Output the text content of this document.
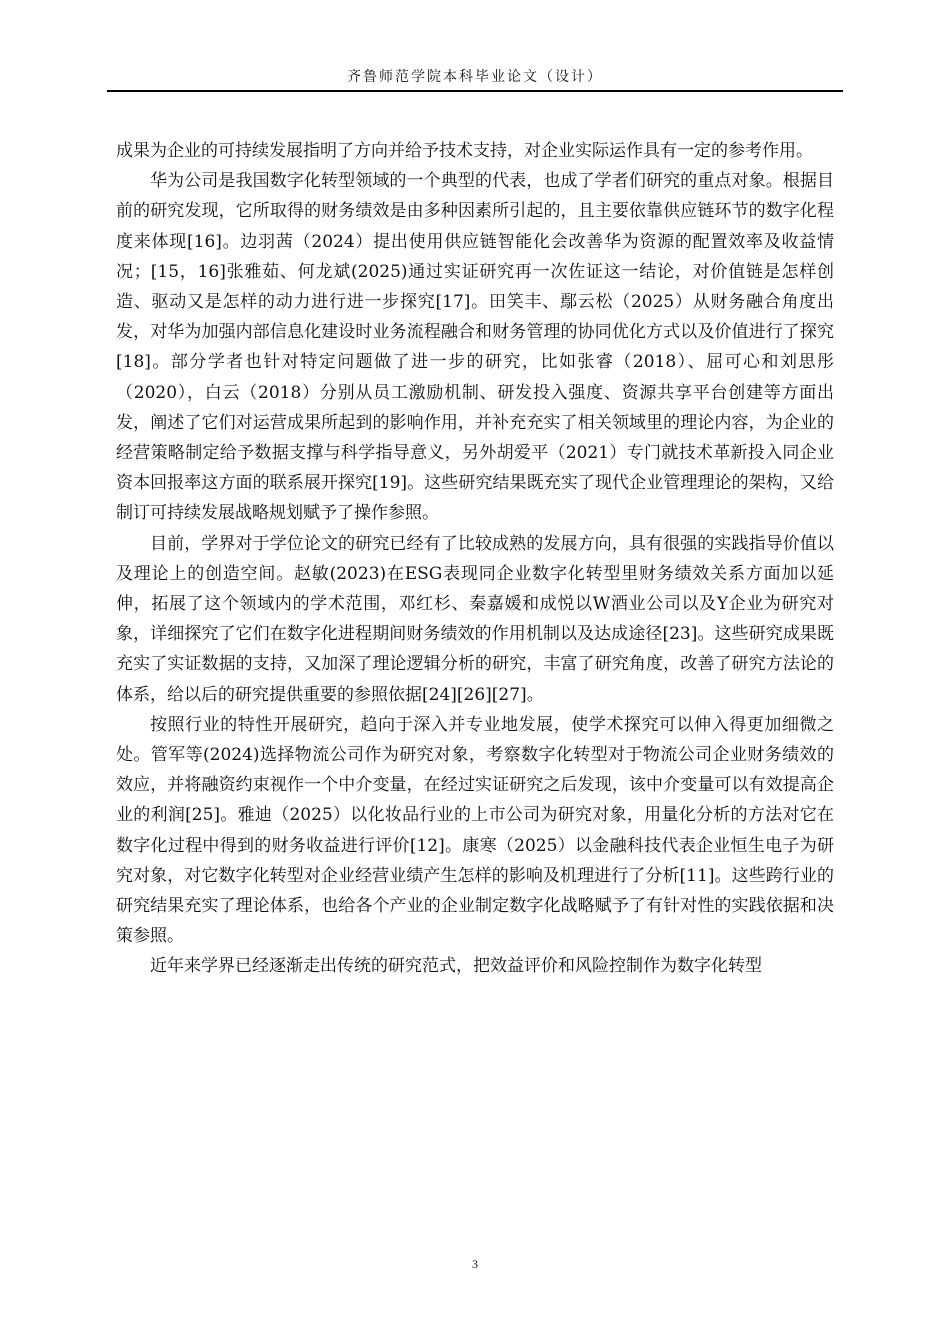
齐鲁师范学院本科毕业论文（设计）

成果为企业的可持续发展指明了方向并给予技术支持，对企业实际运作具有一定的参考作用。

华为公司是我国数字化转型领域的一个典型的代表，也成了学者们研究的重点对象。根据目前的研究发现，它所取得的财务绩效是由多种因素所引起的，且主要依靠供应链环节的数字化程度来体现[16]。边羽茜（2024）提出使用供应链智能化会改善华为资源的配置效率及收益情况；[15，16]张雅茹、何龙斌(2025)通过实证研究再一次佐证这一结论，对价值链是怎样创造、驱动又是怎样的动力进行进一步探究[17]。田笑丰、鄢云松（2025）从财务融合角度出发，对华为加强内部信息化建设时业务流程融合和财务管理的协同优化方式以及价值进行了探究[18]。部分学者也针对特定问题做了进一步的研究，比如张睿（2018）、屈可心和刘思彤（2020），白云（2018）分别从员工激励机制、研发投入强度、资源共享平台创建等方面出发，阐述了它们对运营成果所起到的影响作用，并补充充实了相关领域里的理论内容，为企业的经营策略制定给予数据支撑与科学指导意义，另外胡爱平（2021）专门就技术革新投入同企业资本回报率这方面的联系展开探究[19]。这些研究结果既充实了现代企业管理理论的架构，又给制订可持续发展战略规划赋予了操作参照。

目前，学界对于学位论文的研究已经有了比较成熟的发展方向，具有很强的实践指导价值以及理论上的创造空间。赵敏(2023)在ESG表现同企业数字化转型里财务绩效关系方面加以延伸，拓展了这个领域内的学术范围，邓红杉、秦嘉媛和成悦以W酒业公司以及Y企业为研究对象，详细探究了它们在数字化进程期间财务绩效的作用机制以及达成途径[23]。这些研究成果既充实了实证数据的支持，又加深了理论逻辑分析的研究，丰富了研究角度，改善了研究方法论的体系，给以后的研究提供重要的参照依据[24][26][27]。

按照行业的特性开展研究，趋向于深入并专业地发展，使学术探究可以伸入得更加细微之处。管军等(2024)选择物流公司作为研究对象，考察数字化转型对于物流公司企业财务绩效的效应，并将融资约束视作一个中介变量，在经过实证研究之后发现，该中介变量可以有效提高企业的利润[25]。雅迪（2025）以化妆品行业的上市公司为研究对象，用量化分析的方法对它在数字化过程中得到的财务收益进行评价[12]。康寒（2025）以金融科技代表企业恒生电子为研究对象，对它数字化转型对企业经营业绩产生怎样的影响及机理进行了分析[11]。这些跨行业的研究结果充实了理论体系，也给各个产业的企业制定数字化战略赋予了有针对性的实践依据和决策参照。

近年来学界已经逐渐走出传统的研究范式，把效益评价和风险控制作为数字化转型

3
